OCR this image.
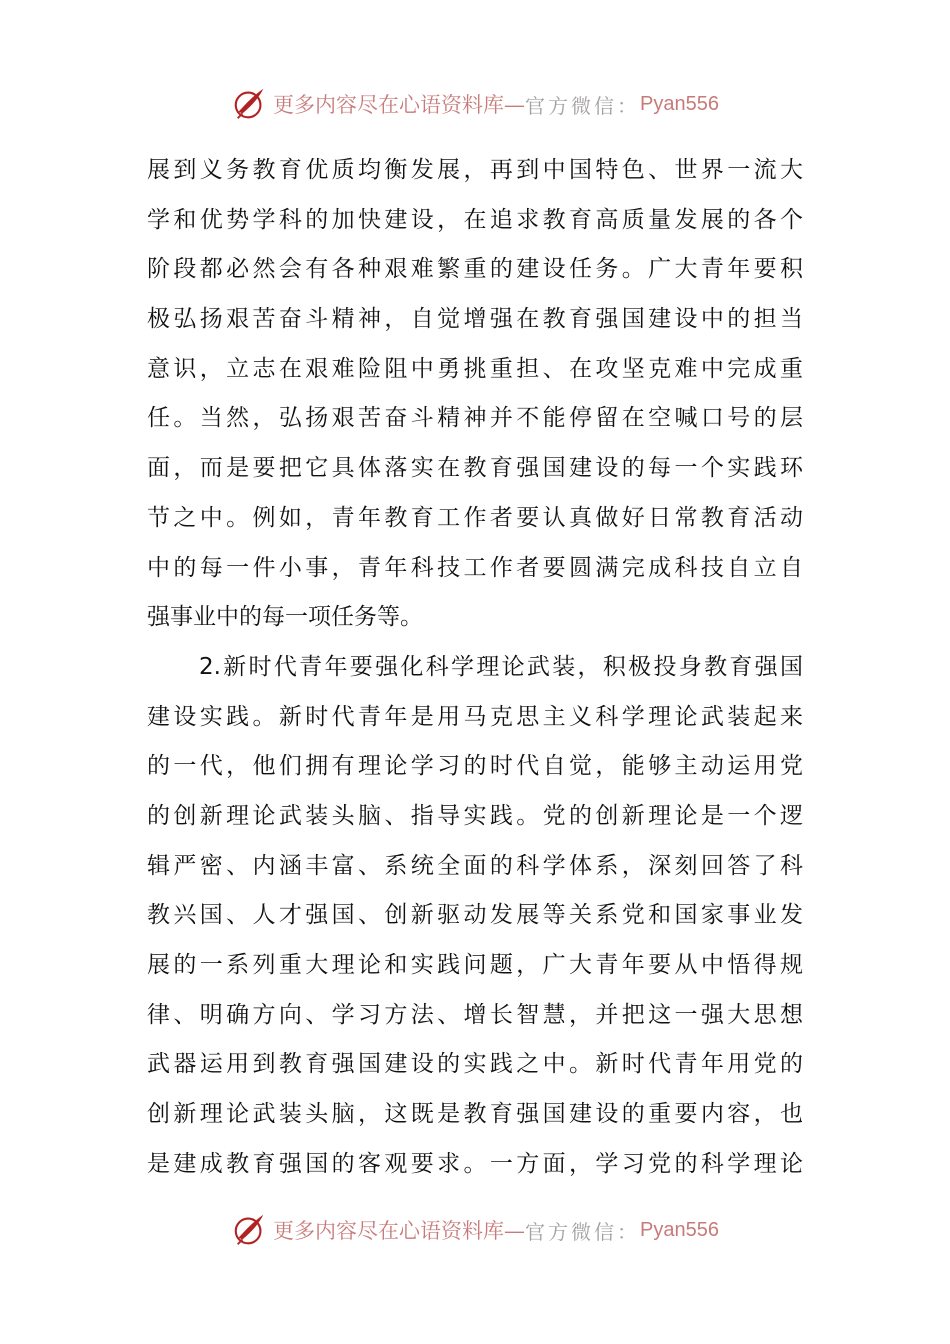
更多内容尽在心语资料库— 官方微信： Pyan556
展到义务教育优质均衡发展，再到中国特色、世界一流大
学和优势学科的加快建设，在追求教育高质量发展的各个
阶段都必然会有各种艰难繁重的建设任务。广大青年要积
极弘扬艰苦奋斗精神，自觉增强在教育强国建设中的担当
意识，立志在艰难险阻中勇挑重担、在攻坚克难中完成重
任。当然，弘扬艰苦奋斗精神并不能停留在空喊口号的层
面，而是要把它具体落实在教育强国建设的每一个实践环
节之中。例如，青年教育工作者要认真做好日常教育活动
中的每一件小事，青年科技工作者要圆满完成科技自立自
强事业中的每一项任务等。
2.新时代青年要强化科学理论武装，积极投身教育强国
建设实践。新时代青年是用马克思主义科学理论武装起来
的一代，他们拥有理论学习的时代自觉，能够主动运用党
的创新理论武装头脑、指导实践。党的创新理论是一个逻
辑严密、内涵丰富、系统全面的科学体系，深刻回答了科
教兴国、人才强国、创新驱动发展等关系党和国家事业发
展的一系列重大理论和实践问题，广大青年要从中悟得规
律、明确方向、学习方法、增长智慧，并把这一强大思想
武器运用到教育强国建设的实践之中。新时代青年用党的
创新理论武装头脑，这既是教育强国建设的重要内容，也
是建成教育强国的客观要求。一方面，学习党的科学理论
更多内容尽在心语资料库— 官方微信： Pyan556
